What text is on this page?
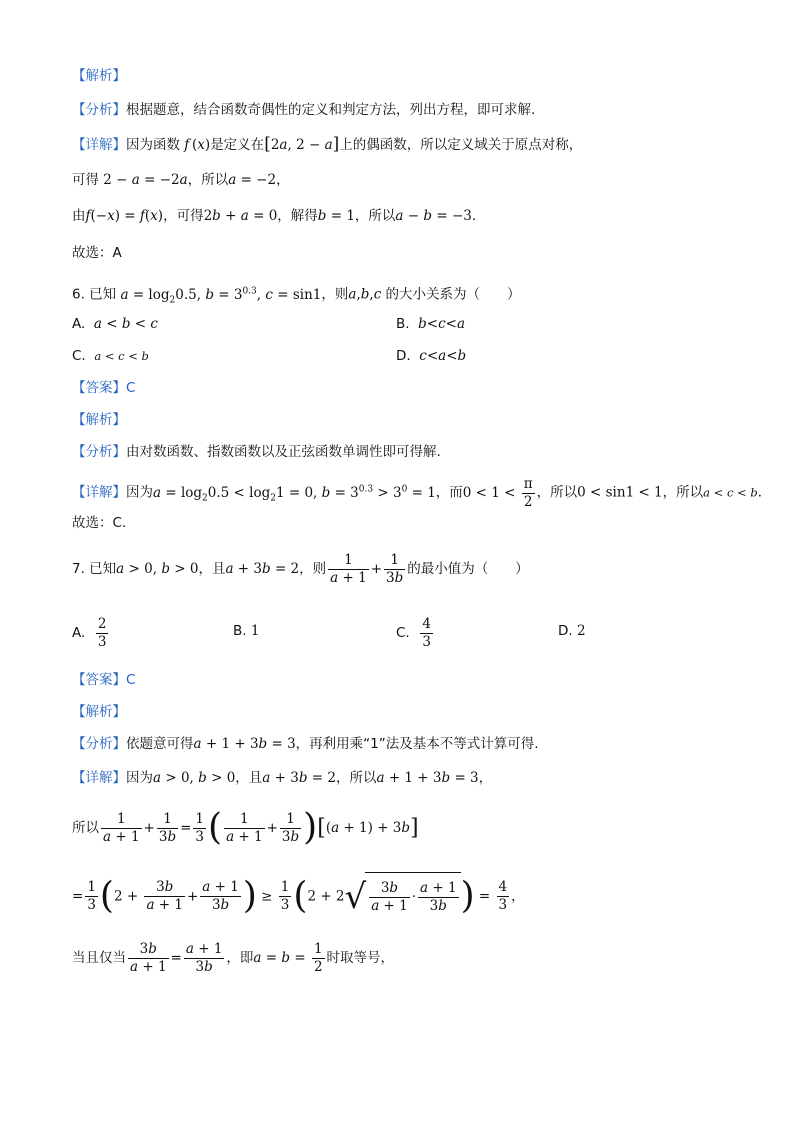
【解析】
【分析】根据题意，结合函数奇偶性的定义和判定方法，列出方程，即可求解.
【详解】因为函数 f (x)是定义在[2a, 2 − a]上的偶函数，所以定义域关于原点对称，
可得 2 − a = −2a，所以a = −2，
由f(−x) = f(x)，可得2b + a = 0，解得b = 1，所以a − b = −3．
故选：A
6. 已知 $a = \log_20.5$, $b = 3^{0.3}$, c = sin1，则a,b,c 的大小关系为（　　）
A. a < b < c	B. b<c<a
C. a < c < b	D. c<a<b
【答案】C
【解析】
【分析】由对数函数、指数函数以及正弦函数单调性即可得解.
【详解】因为$a = \log_20.5 < \log_21 = 0$, $b = 3^{0.3} > 3^0 = 1$，而$0 < 1 < \frac{\pi}{2}$ ，所以0 < sin1 < 1，所以a < c < b．
故选：C.
7. 已知a > 0, b > 0，且a + 3b = 2，则 $\frac{1}{a + 1} + \frac{1}{3b}$ 的最小值为（　　）
A. $\frac{2}{3}$	B. 1	C. $\frac{4}{3}$	D. 2
【答案】C
【解析】
【分析】依题意可得a + 1 + 3b = 3，再利用乘“1”法及基本不等式计算可得.
【详解】因为a > 0, b > 0，且a + 3b = 2，所以a + 1 + 3b = 3，
所以 $\frac{1}{a + 1} + \frac{1}{3b} = \frac{1}{3}$ ( $\frac{1}{a + 1} + \frac{1}{3b} )[(a + 1) + 3b]$
= $\frac{1}{3} (2 + \frac{3b}{a + 1} + \frac{a + 1}{3b}$ ) ≥ $\frac{1}{3} (2 + 2√ \frac{3b}{a + 1} \cdot \frac{a + 1}{3b}$ ) = $\frac{4}{3}$ ，
当且仅当 $\frac{3b}{a + 1} = \frac{a + 1}{3b}$ ，即$a = b = \frac{1}{2}$ 时取等号，
